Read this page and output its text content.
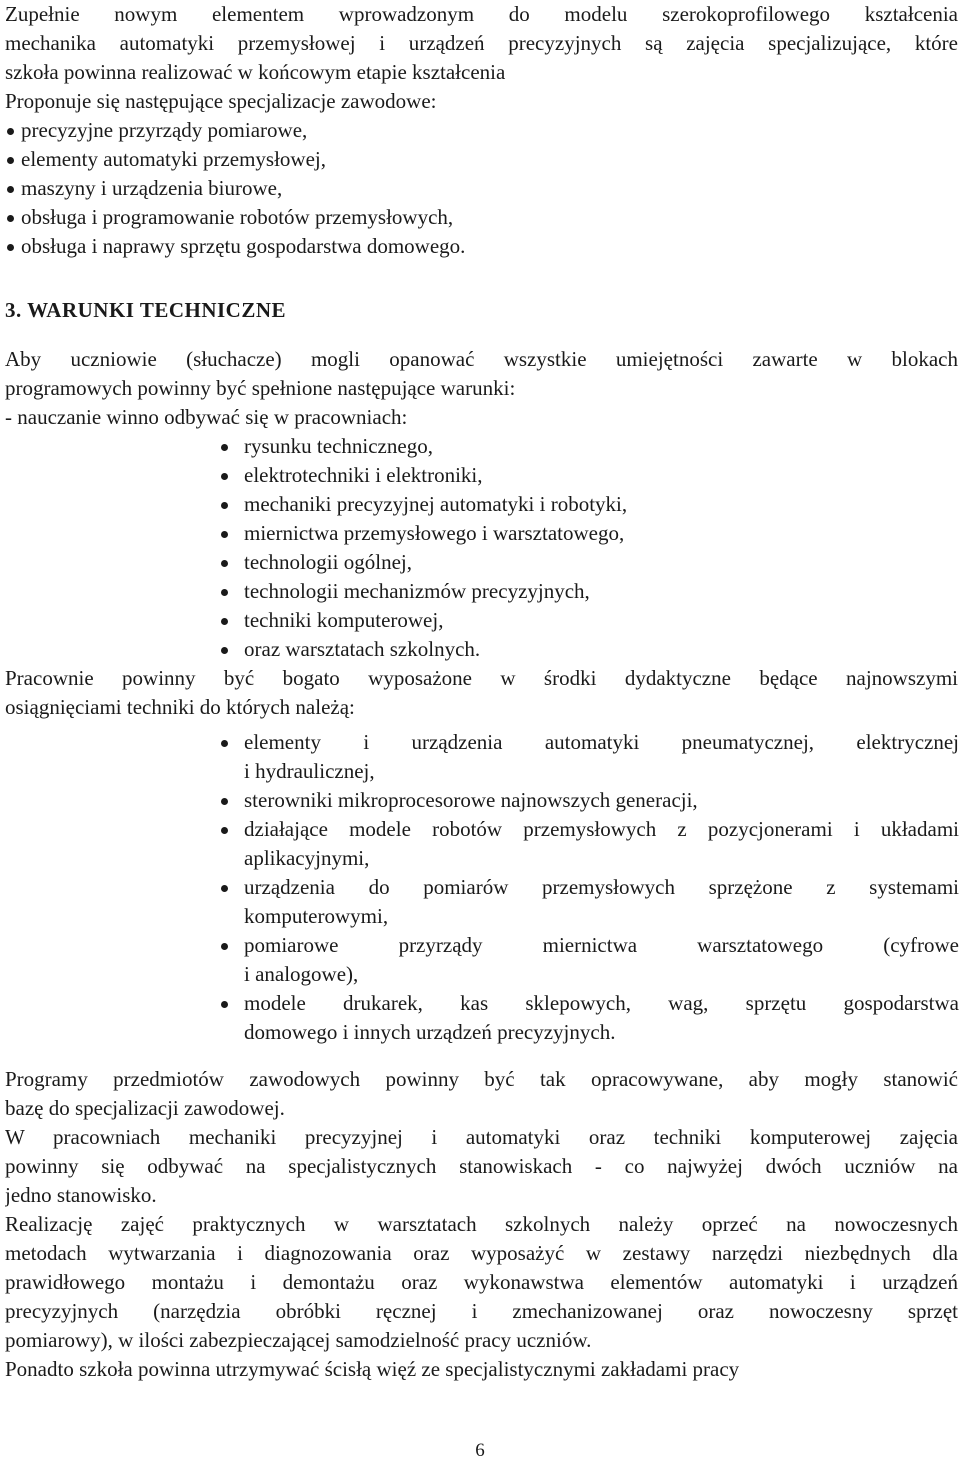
Zupełnie nowym elementem wprowadzonym do modelu szerokoprofilowego kształcenia
mechanika automatyki przemysłowej i urządzeń precyzyjnych są zajęcia specjalizujące, które
szkoła powinna realizować w końcowym etapie kształcenia
Proponuje się następujące specjalizacje zawodowe:
precyzyjne przyrządy pomiarowe,
elementy automatyki przemysłowej,
maszyny i urządzenia biurowe,
obsługa i programowanie robotów przemysłowych,
obsługa i naprawy sprzętu gospodarstwa domowego.
3. WARUNKI TECHNICZNE
Aby uczniowie (słuchacze) mogli opanować wszystkie umiejętności zawarte w blokach
programowych powinny być spełnione następujące warunki:
- nauczanie winno odbywać się w pracowniach:
rysunku technicznego,
elektrotechniki i elektroniki,
mechaniki precyzyjnej automatyki i robotyki,
miernictwa przemysłowego i warsztatowego,
technologii ogólnej,
technologii mechanizmów precyzyjnych,
techniki komputerowej,
oraz warsztatach szkolnych.
Pracownie powinny być bogato wyposażone w środki dydaktyczne będące najnowszymi
osiągnięciami techniki do których należą:
elementy i urządzenia automatyki pneumatycznej, elektrycznej
i hydraulicznej,
sterowniki mikroprocesorowe najnowszych generacji,
działające modele robotów przemysłowych z pozycjonerami i układami
aplikacyjnymi,
urządzenia do pomiarów przemysłowych sprzężone z systemami
komputerowymi,
pomiarowe przyrządy miernictwa warsztatowego (cyfrowe
i analogowe),
modele drukarek, kas sklepowych, wag, sprzętu gospodarstwa
domowego i innych urządzeń precyzyjnych.
Programy przedmiotów zawodowych powinny być tak opracowywane, aby mogły stanowić
bazę do specjalizacji zawodowej.
W pracowniach mechaniki precyzyjnej i automatyki oraz techniki komputerowej zajęcia
powinny się odbywać na specjalistycznych stanowiskach - co najwyżej dwóch uczniów na
jedno stanowisko.
Realizację zajęć praktycznych w warsztatach szkolnych należy oprzeć na nowoczesnych
metodach wytwarzania i diagnozowania oraz wyposażyć w zestawy narzędzi niezbędnych dla
prawidłowego montażu i demontażu oraz wykonawstwa elementów automatyki i urządzeń
precyzyjnych (narzędzia obróbki ręcznej i zmechanizowanej oraz nowoczesny sprzęt
pomiarowy), w ilości zabezpieczającej samodzielność pracy uczniów.
Ponadto szkoła powinna utrzymywać ścisłą więź ze specjalistycznymi zakładami pracy
6
